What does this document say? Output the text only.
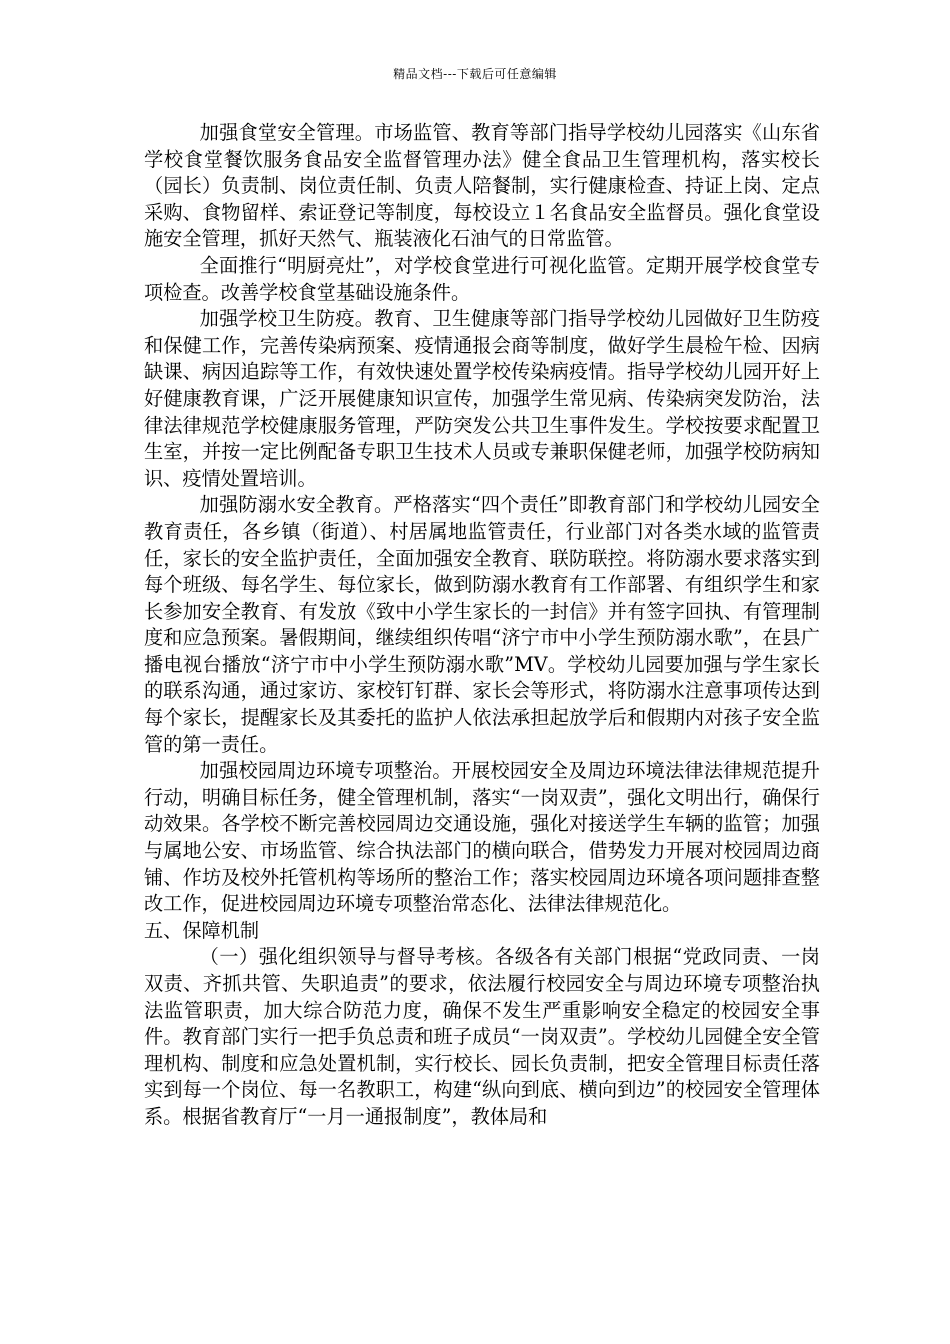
精品文档---下载后可任意编辑

加强食堂安全管理。市场监管、教育等部门指导学校幼儿园落实《山东省学校食堂餐饮服务食品安全监督管理办法》健全食品卫生管理机构，落实校长（园长）负责制、岗位责任制、负责人陪餐制，实行健康检查、持证上岗、定点采购、食物留样、索证登记等制度，每校设立１名食品安全监督员。强化食堂设施安全管理，抓好天然气、瓶装液化石油气的日常监管。

全面推行“明厨亮灶”，对学校食堂进行可视化监管。定期开展学校食堂专项检查。改善学校食堂基础设施条件。

加强学校卫生防疫。教育、卫生健康等部门指导学校幼儿园做好卫生防疫和保健工作，完善传染病预案、疫情通报会商等制度，做好学生晨检午检、因病缺课、病因追踪等工作，有效快速处置学校传染病疫情。指导学校幼儿园开好上好健康教育课，广泛开展健康知识宣传，加强学生常见病、传染病突发防治，法律法律规范学校健康服务管理，严防突发公共卫生事件发生。学校按要求配置卫生室，并按一定比例配备专职卫生技术人员或专兼职保健老师，加强学校防病知识、疫情处置培训。

加强防溺水安全教育。严格落实“四个责任”即教育部门和学校幼儿园安全教育责任，各乡镇（街道）、村居属地监管责任，行业部门对各类水域的监管责任，家长的安全监护责任，全面加强安全教育、联防联控。将防溺水要求落实到每个班级、每名学生、每位家长，做到防溺水教育有工作部署、有组织学生和家长参加安全教育、有发放《致中小学生家长的一封信》并有签字回执、有管理制度和应急预案。暑假期间，继续组织传唱“济宁市中小学生预防溺水歌”，在县广播电视台播放“济宁市中小学生预防溺水歌”MV。学校幼儿园要加强与学生家长的联系沟通，通过家访、家校钉钉群、家长会等形式，将防溺水注意事项传达到每个家长，提醒家长及其委托的监护人依法承担起放学后和假期内对孩子安全监管的第一责任。

加强校园周边环境专项整治。开展校园安全及周边环境法律法律规范提升行动，明确目标任务，健全管理机制，落实“一岗双责”，强化文明出行，确保行动效果。各学校不断完善校园周边交通设施，强化对接送学生车辆的监管；加强与属地公安、市场监管、综合执法部门的横向联合，借势发力开展对校园周边商铺、作坊及校外托管机构等场所的整治工作；落实校园周边环境各项问题排查整改工作，促进校园周边环境专项整治常态化、法律法律规范化。

五、保障机制

（一）强化组织领导与督导考核。各级各有关部门根据“党政同责、一岗双责、齐抓共管、失职追责”的要求，依法履行校园安全与周边环境专项整治执法监管职责，加大综合防范力度，确保不发生严重影响安全稳定的校园安全事件。教育部门实行一把手负总责和班子成员“一岗双责”。学校幼儿园健全安全管理机构、制度和应急处置机制，实行校长、园长负责制，把安全管理目标责任落实到每一个岗位、每一名教职工，构建“纵向到底、横向到边”的校园安全管理体系。根据省教育厅“一月一通报制度”，教体局和
